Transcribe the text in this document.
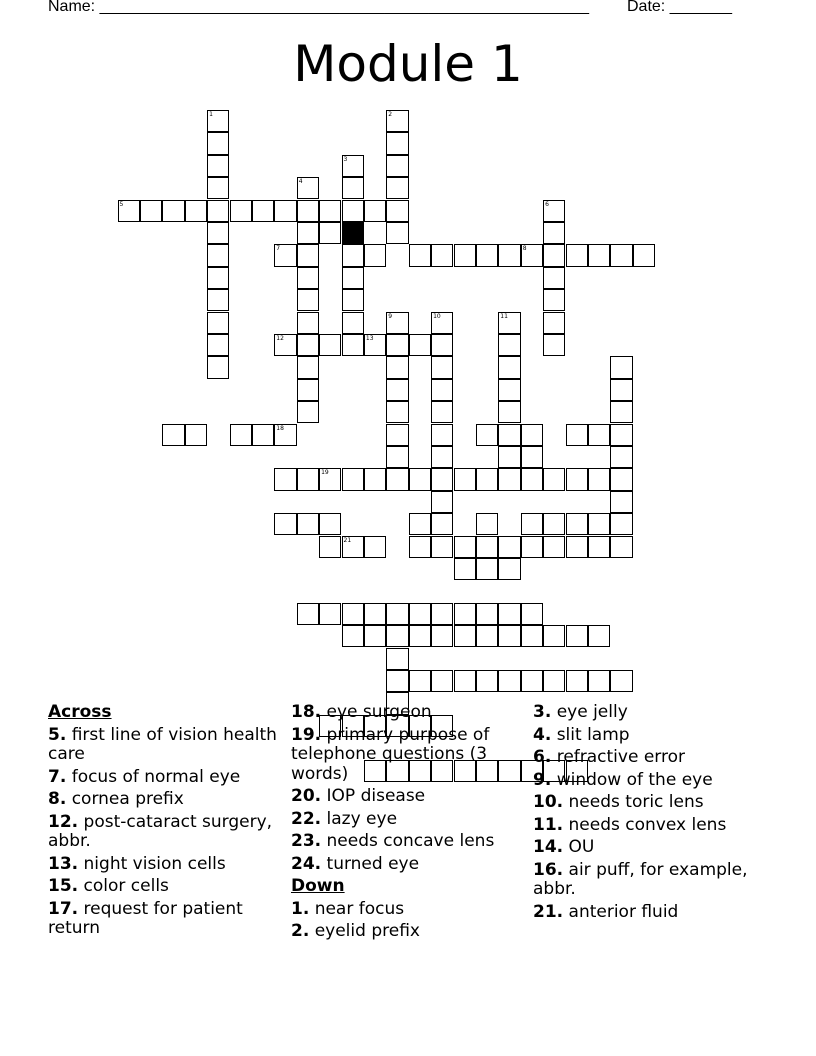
Name: _______________________________________________________ Date: _______
Module 1
1	2
3
4
5	6
7	8
9	10	11
12	13
18
19
21
Across
5. first line of vision health care
7. focus of normal eye
8. cornea prefix
12. post-cataract surgery, abbr.
13. night vision cells
15. color cells
17. request for patient return
18. eye surgeon
19. primary purpose of telephone questions (3 words)
20. IOP disease
22. lazy eye
23. needs concave lens
24. turned eye
Down
1. near focus
2. eyelid prefix
3. eye jelly
4. slit lamp
6. refractive error
9. window of the eye
10. needs toric lens
11. needs convex lens
14. OU
16. air puff, for example, abbr.
21. anterior fluid
